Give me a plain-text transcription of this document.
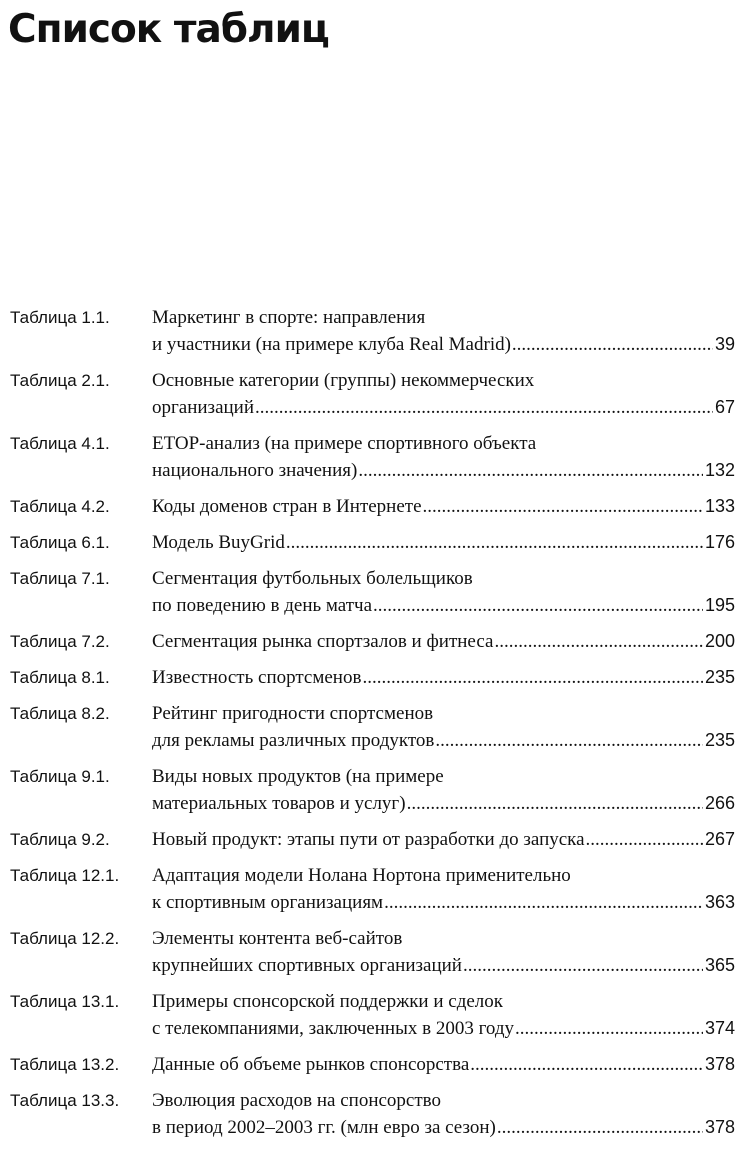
Список таблиц
Таблица 1.1.	Маркетинг в спорте: направления
и участники (на примере клуба Real Madrid) .....	39
Таблица 2.1.	Основные категории (группы) некоммерческих
организаций .....	67
Таблица 4.1.	ETOP-анализ (на примере спортивного объекта
национального значения) .....	132
Таблица 4.2.	Коды доменов стран в Интернете .....	133
Таблица 6.1.	Модель BuyGrid .....	176
Таблица 7.1.	Сегментация футбольных болельщиков
по поведению в день матча .....	195
Таблица 7.2.	Сегментация рынка спортзалов и фитнеса .....	200
Таблица 8.1.	Известность спортсменов .....	235
Таблица 8.2.	Рейтинг пригодности спортсменов
для рекламы различных продуктов .....	235
Таблица 9.1.	Виды новых продуктов (на примере
материальных товаров и услуг) .....	266
Таблица 9.2.	Новый продукт: этапы пути от разработки до запуска .....	267
Таблица 12.1.	Адаптация модели Нолана Нортона применительно
к спортивным организациям .....	363
Таблица 12.2.	Элементы контента веб-сайтов
крупнейших спортивных организаций .....	365
Таблица 13.1.	Примеры спонсорской поддержки и сделок
с телекомпаниями, заключенных в 2003 году .....	374
Таблица 13.2.	Данные об объеме рынков спонсорства .....	378
Таблица 13.3.	Эволюция расходов на спонсорство
в период 2002–2003 гг. (млн евро за сезон) .....	378
